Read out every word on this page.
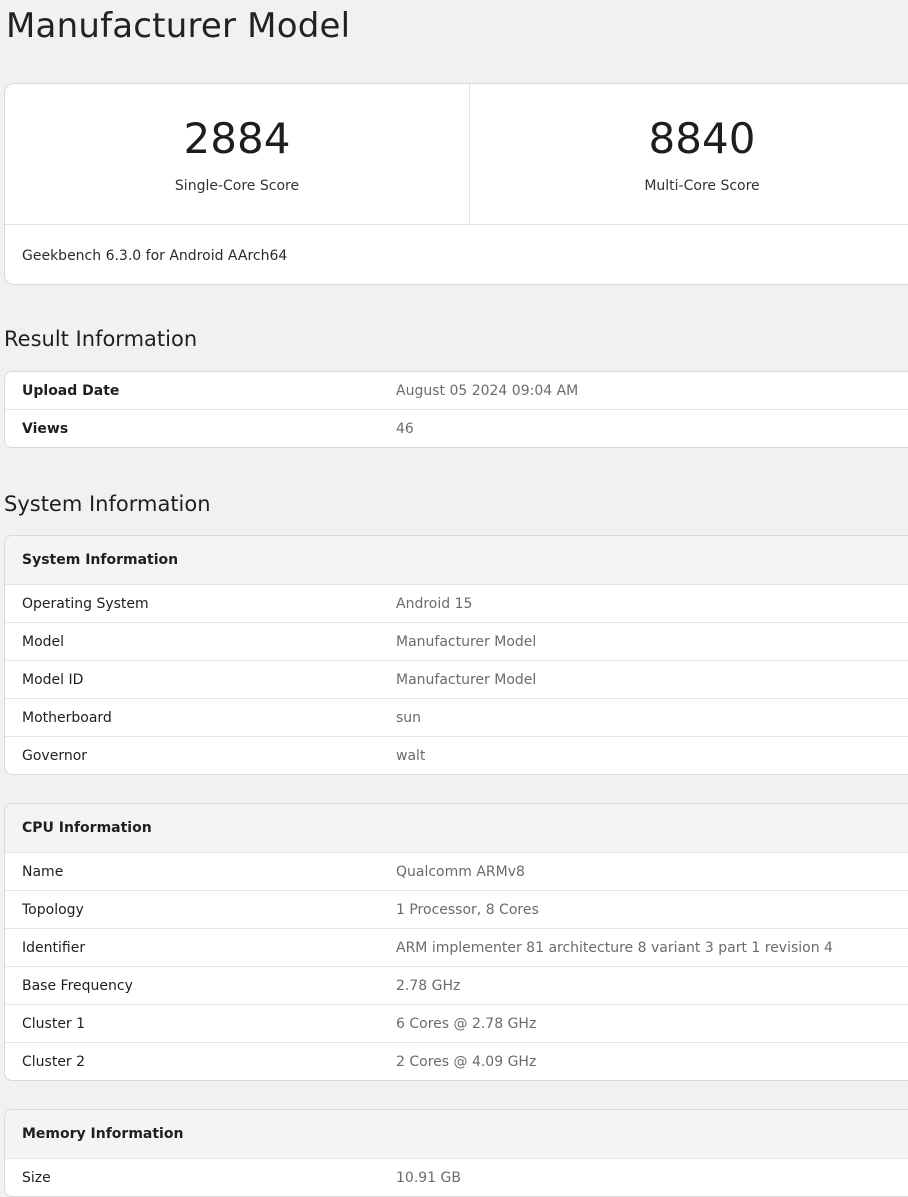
Manufacturer Model
2884
Single-Core Score
8840
Multi-Core Score
Geekbench 6.3.0 for Android AArch64
Result Information
Upload Date	August 05 2024 09:04 AM
Views	46
System Information
System Information
Operating System	Android 15
Model	Manufacturer Model
Model ID	Manufacturer Model
Motherboard	sun
Governor	walt
CPU Information
Name	Qualcomm ARMv8
Topology	1 Processor, 8 Cores
Identifier	ARM implementer 81 architecture 8 variant 3 part 1 revision 4
Base Frequency	2.78 GHz
Cluster 1	6 Cores @ 2.78 GHz
Cluster 2	2 Cores @ 4.09 GHz
Memory Information
Size	10.91 GB
